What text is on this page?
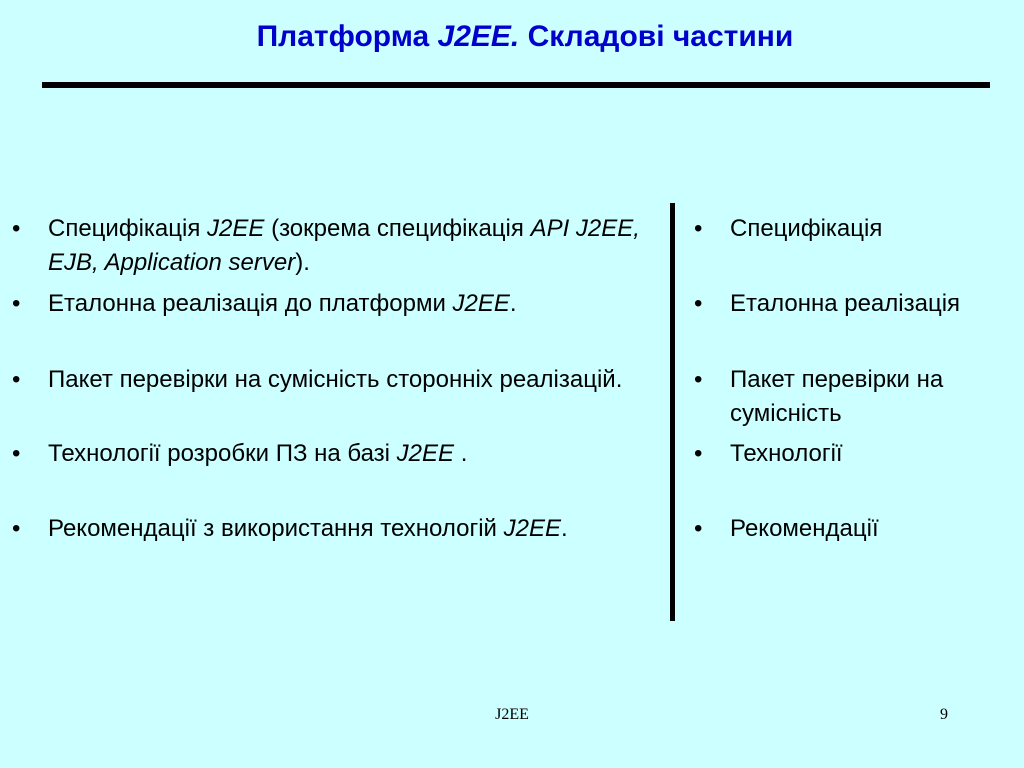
Платформа J2EE. Складові частини
•	Специфікація J2EE (зокрема специфікація API J2EE, EJB, Application server).
•	Еталонна реалізація до платформи J2EE.
•	Пакет перевірки на сумісність сторонніх реалізацій.
•	Технології розробки ПЗ на базі J2EE .
•	Рекомендації з використання технологій J2EE.
•	Специфікація
•	Еталонна реалізація
•	Пакет перевірки на сумісність
•	Технології
•	Рекомендації
J2EE	9
